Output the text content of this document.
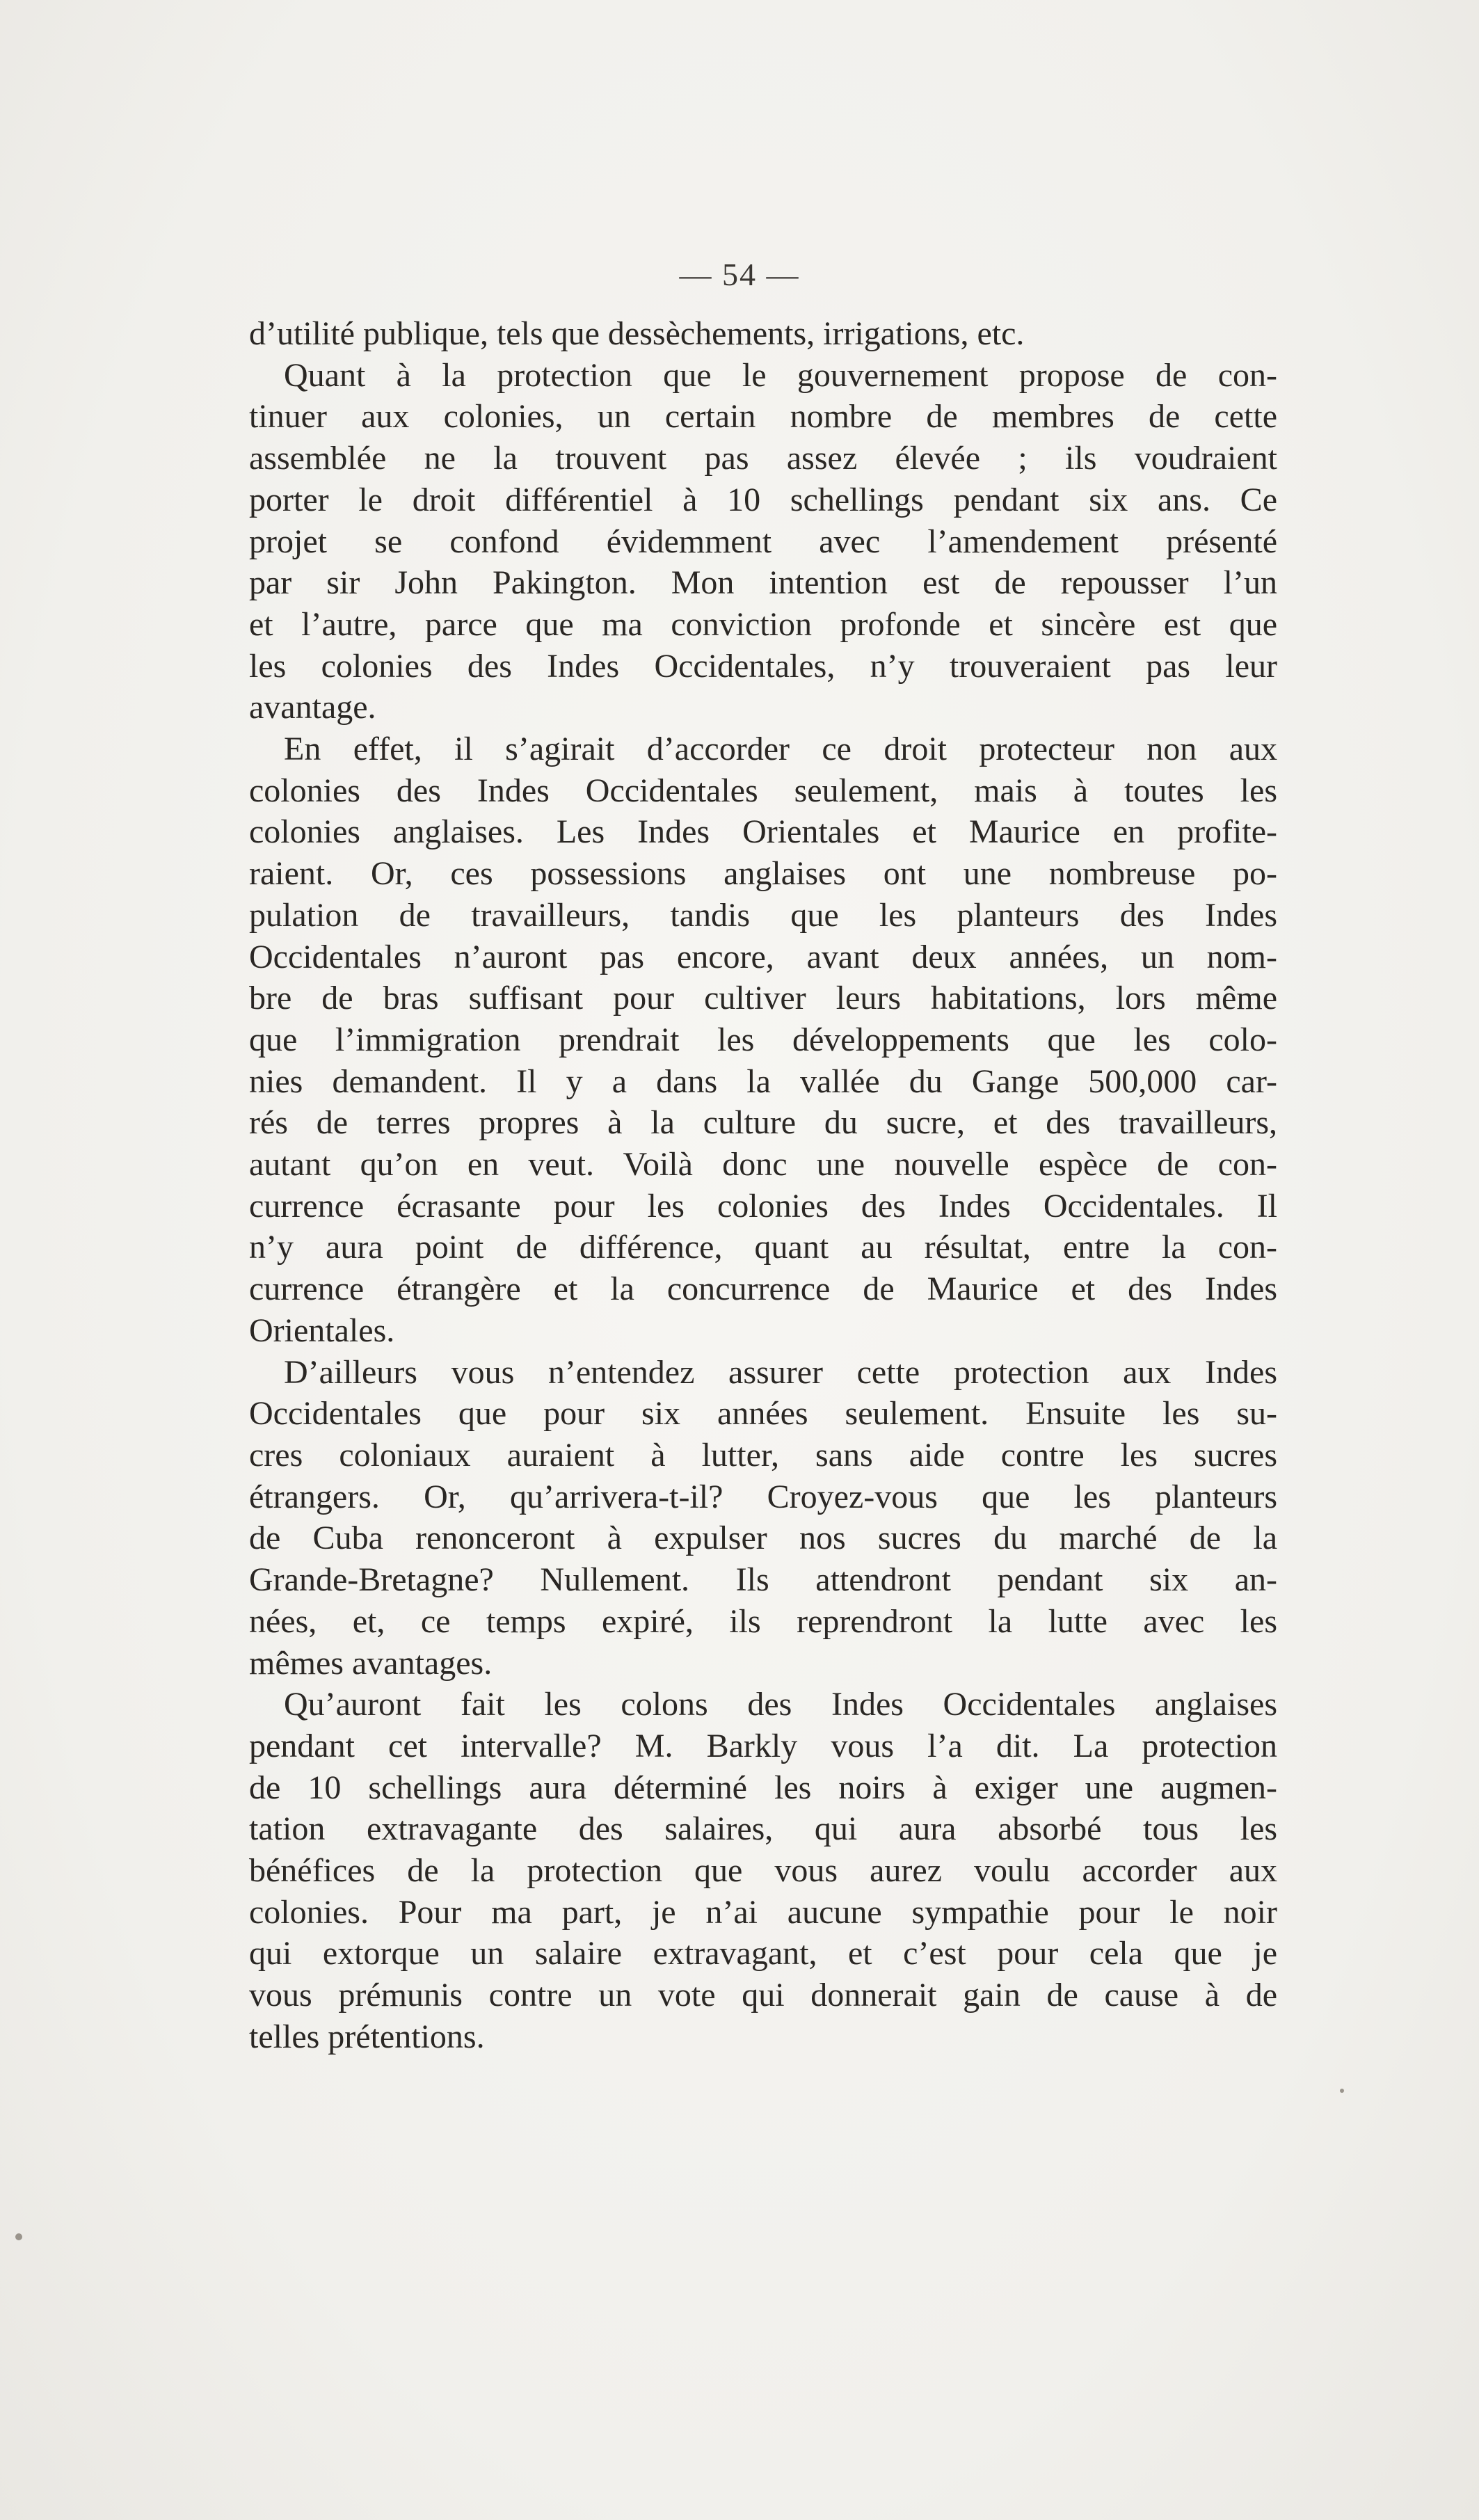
— 54 —

d’utilité publique, tels que dessèchements, irrigations, etc.

Quant à la protection que le gouvernement propose de con-
tinuer aux colonies, un certain nombre de membres de cette
assemblée ne la trouvent pas assez élevée ; ils voudraient
porter le droit différentiel à 10 schellings pendant six ans. Ce
projet se confond évidemment avec l’amendement présenté
par sir John Pakington. Mon intention est de repousser l’un
et l’autre, parce que ma conviction profonde et sincère est que
les colonies des Indes Occidentales, n’y trouveraient pas leur
avantage.

En effet, il s’agirait d’accorder ce droit protecteur non aux
colonies des Indes Occidentales seulement, mais à toutes les
colonies anglaises. Les Indes Orientales et Maurice en profite-
raient. Or, ces possessions anglaises ont une nombreuse po-
pulation de travailleurs, tandis que les planteurs des Indes
Occidentales n’auront pas encore, avant deux années, un nom-
bre de bras suffisant pour cultiver leurs habitations, lors même
que l’immigration prendrait les développements que les colo-
nies demandent. Il y a dans la vallée du Gange 500,000 car-
rés de terres propres à la culture du sucre, et des travailleurs,
autant qu’on en veut. Voilà donc une nouvelle espèce de con-
currence écrasante pour les colonies des Indes Occidentales. Il
n’y aura point de différence, quant au résultat, entre la con-
currence étrangère et la concurrence de Maurice et des Indes
Orientales.

D’ailleurs vous n’entendez assurer cette protection aux Indes
Occidentales que pour six années seulement. Ensuite les su-
cres coloniaux auraient à lutter, sans aide contre les sucres
étrangers. Or, qu’arrivera-t-il? Croyez-vous que les planteurs
de Cuba renonceront à expulser nos sucres du marché de la
Grande-Bretagne? Nullement. Ils attendront pendant six an-
nées, et, ce temps expiré, ils reprendront la lutte avec les
mêmes avantages.

Qu’auront fait les colons des Indes Occidentales anglaises
pendant cet intervalle? M. Barkly vous l’a dit. La protection
de 10 schellings aura déterminé les noirs à exiger une augmen-
tation extravagante des salaires, qui aura absorbé tous les
bénéfices de la protection que vous aurez voulu accorder aux
colonies. Pour ma part, je n’ai aucune sympathie pour le noir
qui extorque un salaire extravagant, et c’est pour cela que je
vous prémunis contre un vote qui donnerait gain de cause à de
telles prétentions.
